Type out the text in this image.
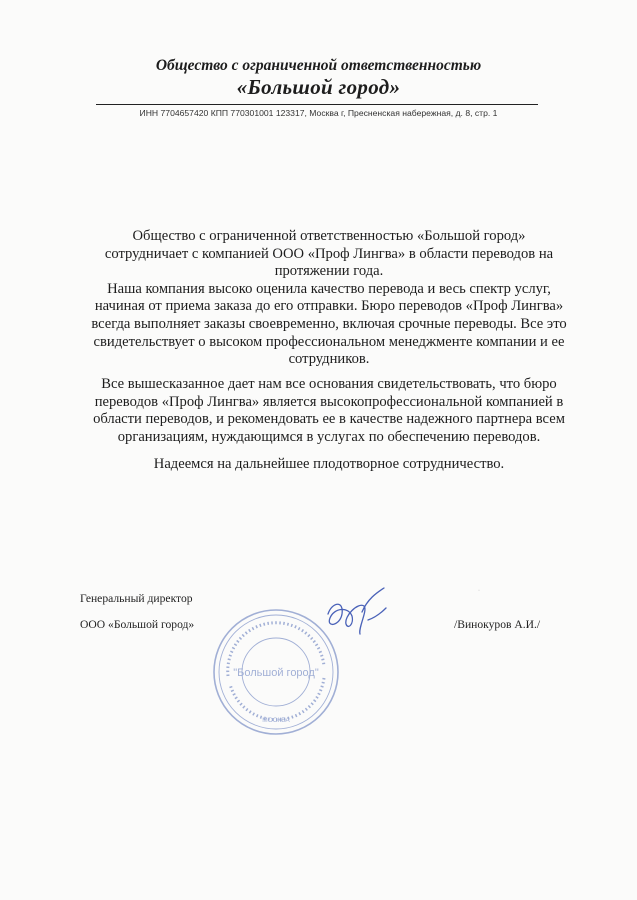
Общество с ограниченной ответственностью
«Большой город»
ИНН 7704657420 КПП 770301001 123317, Москва г, Пресненская набережная, д. 8, стр. 1
Общество с ограниченной ответственностью «Большой город»
сотрудничает с компанией ООО «Проф Лингва» в области переводов на
протяжении года.
Наша компания высоко оценила качество перевода и весь спектр услуг,
начиная от приема заказа до его отправки. Бюро переводов «Проф Лингва»
всегда выполняет заказы своевременно, включая срочные переводы. Все это
свидетельствует о высоком профессиональном менеджменте компании и ее
сотрудников.
Все вышесказанное дает нам все основания свидетельствовать, что бюро
переводов «Проф Лингва» является высокопрофессиональной компанией в
области переводов, и рекомендовать ее в качестве надежного партнера всем
организациям, нуждающимся в услугах по обеспечению переводов.
Надеемся на дальнейшее плодотворное сотрудничество.
Генеральный директор
ООО «Большой город»	/Винокуров А.И./
"Большой город"
МОСКВА
·
